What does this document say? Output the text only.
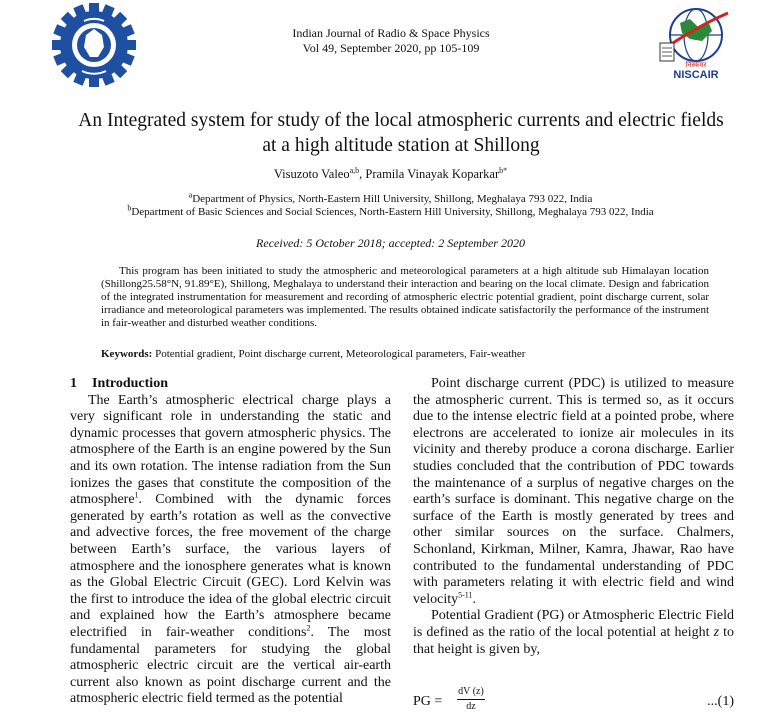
निस्केयर
NISCAIR
Indian Journal of Radio & Space Physics
Vol 49, September 2020, pp 105-109
An Integrated system for study of the local atmospheric currents and electric fields
at a high altitude station at Shillong
Visuzoto Valeo$^{a,b}$, Pramila Vinayak Koparkar$^{b*}$
$^a$Department of Physics, North-Eastern Hill University, Shillong, Meghalaya 793 022, India
$^b$Department of Basic Sciences and Social Sciences, North-Eastern Hill University, Shillong, Meghalaya 793 022, India
Received: 5 October 2018; accepted: 2 September 2020
This program has been initiated to study the atmospheric and meteorological parameters at a high altitude sub Himalayan location (Shillong25.58°N, 91.89°E), Shillong, Meghalaya to understand their interaction and bearing on the local climate. Design and fabrication of the integrated instrumentation for measurement and recording of atmospheric electric potential gradient, point discharge current, solar irradiance and meteorological parameters was implemented. The results obtained indicate satisfactorily the performance of the instrument in fair-weather and disturbed weather conditions.
Keywords: Potential gradient, Point discharge current, Meteorological parameters, Fair-weather
1 Introduction

The Earth’s atmospheric electrical charge plays a very significant role in understanding the static and dynamic processes that govern atmospheric physics. The atmosphere of the Earth is an engine powered by the Sun and its own rotation. The intense radiation from the Sun ionizes the gases that constitute the composition of the atmosphere$^1$. Combined with the dynamic forces generated by earth’s rotation as well as the convective and advective forces, the free movement of the charge between Earth’s surface, the various layers of atmosphere and the ionosphere generates what is known as the Global Electric Circuit (GEC). Lord Kelvin was the first to introduce the idea of the global electric circuit and explained how the Earth’s atmosphere became electrified in fair-weather conditions$^2$. The most fundamental parameters for studying the global atmospheric electric circuit are the vertical air-earth current also known as point discharge current and the atmospheric electric field termed as the potential

Point discharge current (PDC) is utilized to measure the atmospheric current. This is termed so, as it occurs due to the intense electric field at a pointed probe, where electrons are accelerated to ionize air molecules in its vicinity and thereby produce a corona discharge. Earlier studies concluded that the contribution of PDC towards the maintenance of a surplus of negative charges on the earth’s surface is dominant. This negative charge on the surface of the Earth is mostly generated by trees and other similar sources on the surface. Chalmers, Schonland, Kirkman, Milner, Kamra, Jhawar, Rao have contributed to the fundamental understanding of PDC with parameters relating it with electric field and wind velocity$^{5-11}$.

Potential Gradient (PG) or Atmospheric Electric Field is defined as the ratio of the local potential at height z to that height is given by,

PG =
dV (z)
dz	...(1)
